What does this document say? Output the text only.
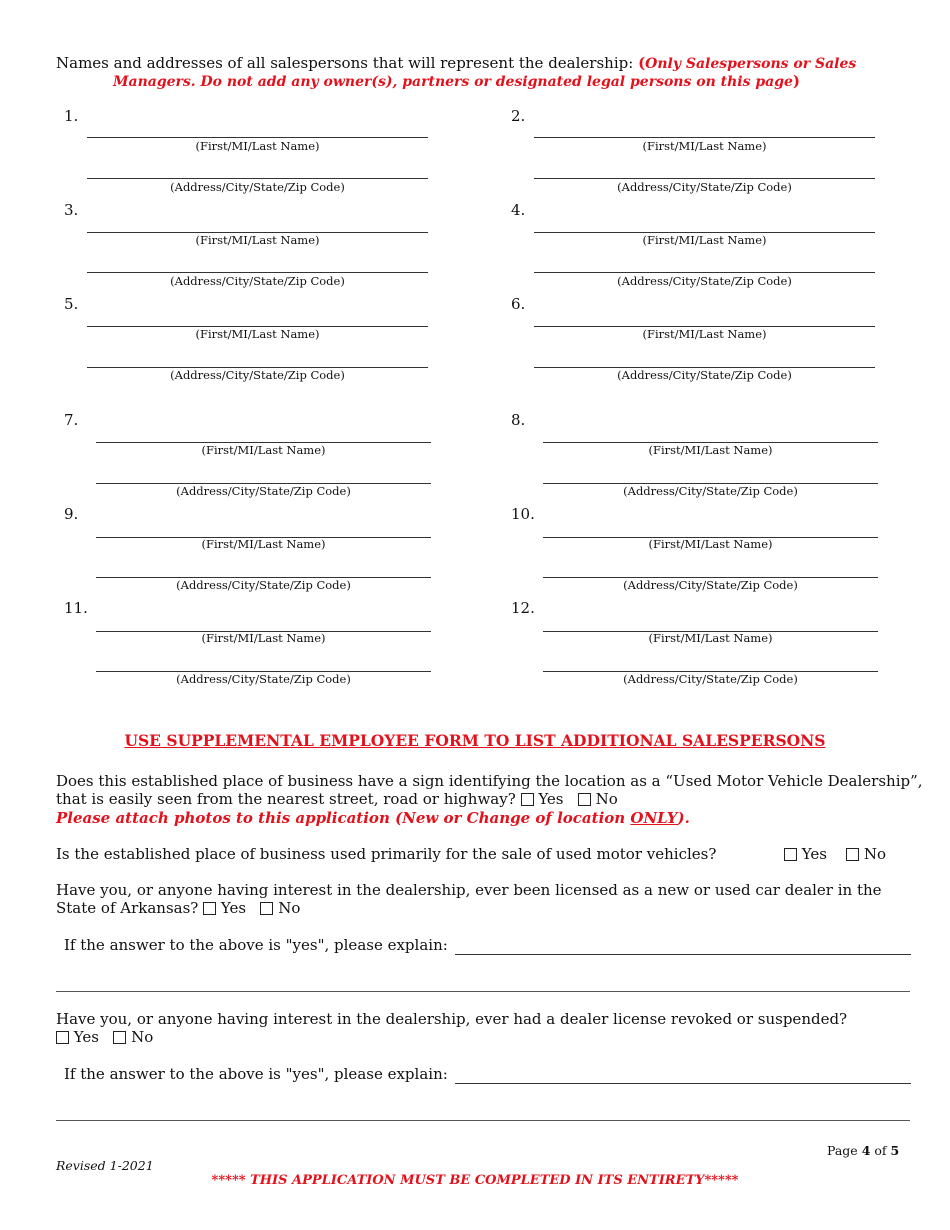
Names and addresses of all salespersons that will represent the dealership: (Only Salespersons or Sales
Managers. Do not add any owner(s), partners or designated legal persons on this page)
1.
(First/MI/Last Name)
(Address/City/State/Zip Code)
2.
(First/MI/Last Name)
(Address/City/State/Zip Code)
3.
(First/MI/Last Name)
(Address/City/State/Zip Code)
4.
(First/MI/Last Name)
(Address/City/State/Zip Code)
5.
(First/MI/Last Name)
(Address/City/State/Zip Code)
6.
(First/MI/Last Name)
(Address/City/State/Zip Code)
7.
(First/MI/Last Name)
(Address/City/State/Zip Code)
8.
(First/MI/Last Name)
(Address/City/State/Zip Code)
9.
(First/MI/Last Name)
(Address/City/State/Zip Code)
10.
(First/MI/Last Name)
(Address/City/State/Zip Code)
11.
(First/MI/Last Name)
(Address/City/State/Zip Code)
12.
(First/MI/Last Name)
(Address/City/State/Zip Code)
USE SUPPLEMENTAL EMPLOYEE FORM TO LIST ADDITIONAL SALESPERSONS
Does this established place of business have a sign identifying the location as a “Used Motor Vehicle Dealership”,
that is easily seen from the nearest street, road or highway? Yes No
Please attach photos to this application (New or Change of location ONLY).
Is the established place of business used primarily for the sale of used motor vehicles?	Yes No
Have you, or anyone having interest in the dealership, ever been licensed as a new or used car dealer in the
State of Arkansas? Yes No
If the answer to the above is "yes", please explain:
Have you, or anyone having interest in the dealership, ever had a dealer license revoked or suspended?
Yes No
If the answer to the above is "yes", please explain:
Page 4 of 5
Revised 1-2021
***** THIS APPLICATION MUST BE COMPLETED IN ITS ENTIRETY*****
